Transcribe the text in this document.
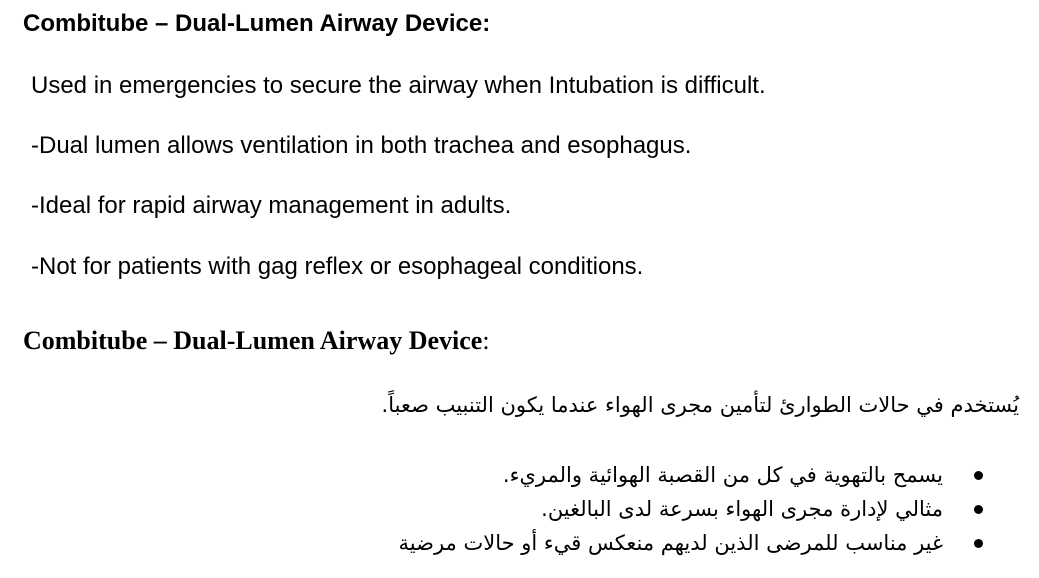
Combitube – Dual-Lumen Airway Device:
Used in emergencies to secure the airway when Intubation is difficult.
-Dual lumen allows ventilation in both trachea and esophagus.
-Ideal for rapid airway management in adults.
-Not for patients with gag reflex or esophageal conditions.
Combitube – Dual-Lumen Airway Device:
يُستخدم في حالات الطوارئ لتأمين مجرى الهواء عندما يكون التنبيب صعباً.
يسمح بالتهوية في كل من القصبة الهوائية والمريء.
مثالي لإدارة مجرى الهواء بسرعة لدى البالغين.
غير مناسب للمرضى الذين لديهم منعكس قيء أو حالات مرضية
